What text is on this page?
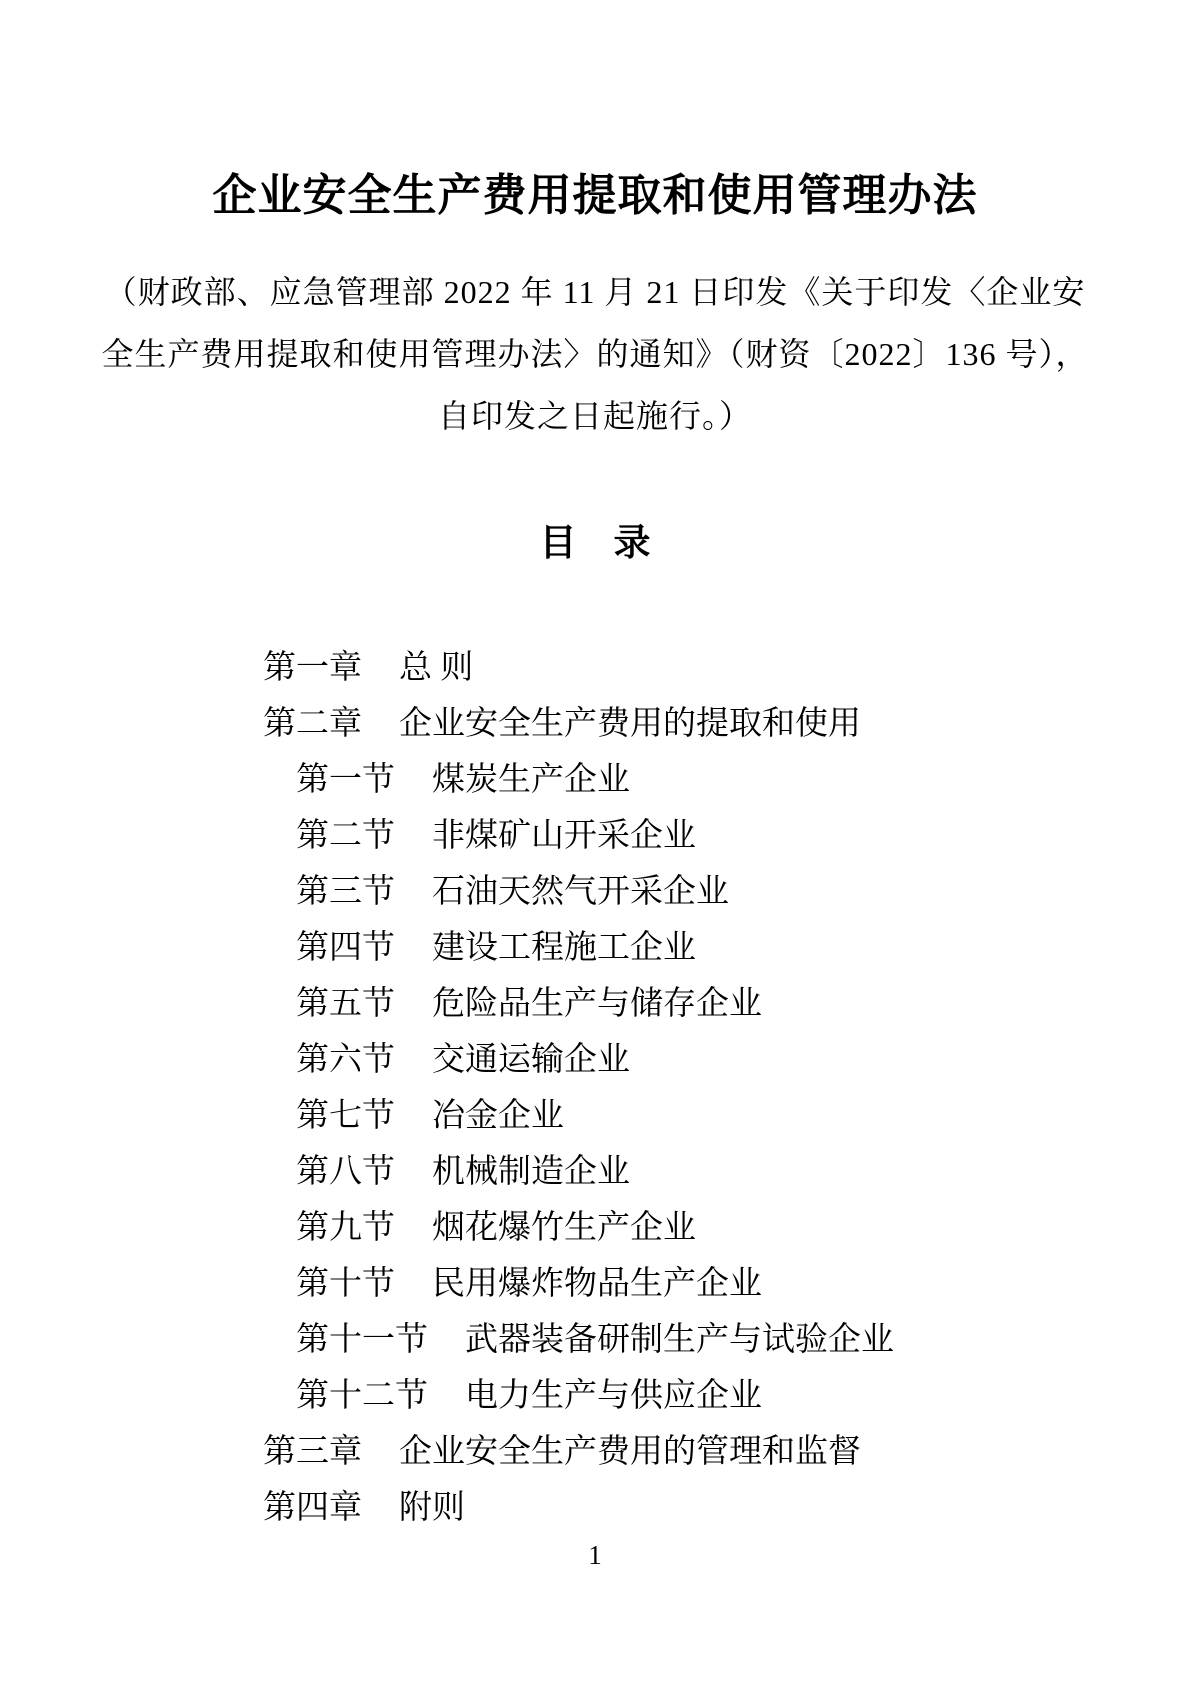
企业安全生产费用提取和使用管理办法

（财政部、应急管理部 2022 年 11 月 21 日印发《关于印发〈企业安

全生产费用提取和使用管理办法〉的通知》（财资〔2022〕136 号），

自印发之日起施行。）

目　录
第一章 总 则
第二章 企业安全生产费用的提取和使用
第一节 煤炭生产企业
第二节 非煤矿山开采企业
第三节 石油天然气开采企业
第四节 建设工程施工企业
第五节 危险品生产与储存企业
第六节 交通运输企业
第七节 冶金企业
第八节 机械制造企业
第九节 烟花爆竹生产企业
第十节 民用爆炸物品生产企业
第十一节 武器装备研制生产与试验企业
第十二节 电力生产与供应企业
第三章 企业安全生产费用的管理和监督
第四章 附则
1
